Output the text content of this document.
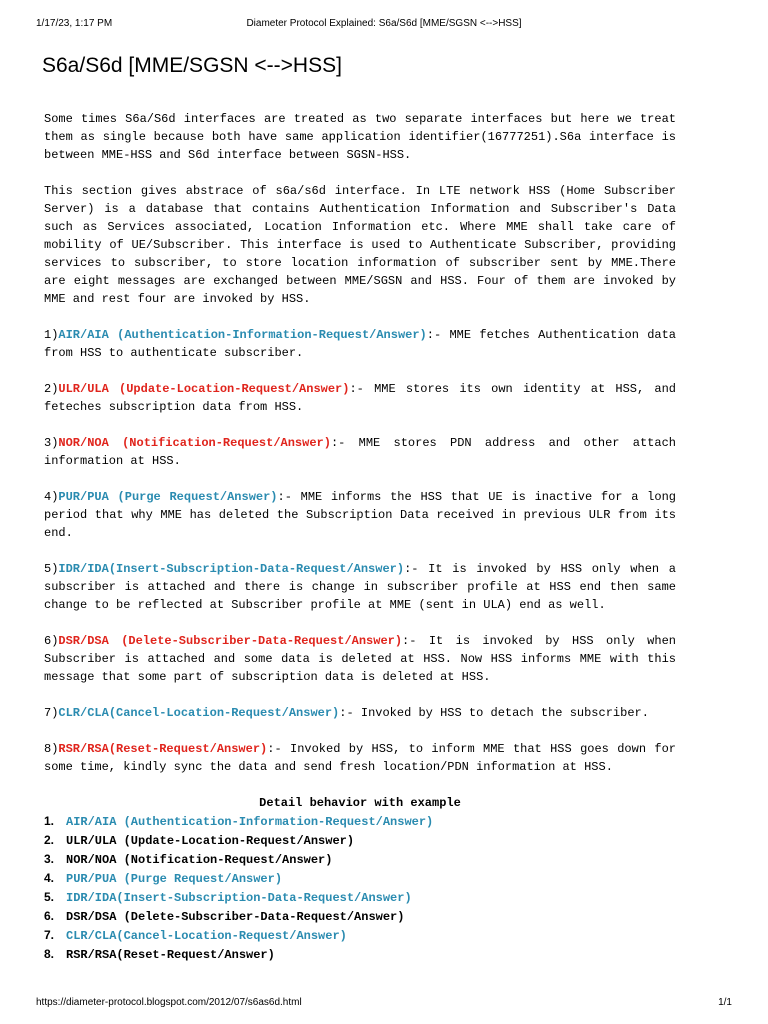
1/17/23, 1:17 PM	Diameter Protocol Explained: S6a/S6d [MME/SGSN <-->HSS]
S6a/S6d [MME/SGSN <-->HSS]

Some times S6a/S6d interfaces are treated as two separate interfaces but here we treat them as single because both have same application identifier(16777251).S6a interface is between MME-HSS and S6d interface between SGSN-HSS.

This section gives abstrace of s6a/s6d interface. In LTE network HSS (Home Subscriber Server) is a database that contains Authentication Information and Subscriber's Data such as Services associated, Location Information etc. Where MME shall take care of mobility of UE/Subscriber. This interface is used to Authenticate Subscriber, providing services to subscriber, to store location information of subscriber sent by MME.There are eight messages are exchanged between MME/SGSN and HSS. Four of them are invoked by MME and rest four are invoked by HSS.

1)AIR/AIA (Authentication-Information-Request/Answer):- MME fetches Authentication data from HSS to authenticate subscriber.

2)ULR/ULA (Update-Location-Request/Answer):- MME stores its own identity at HSS, and feteches subscription data from HSS.

3)NOR/NOA (Notification-Request/Answer):- MME stores PDN address and other attach information at HSS.

4)PUR/PUA (Purge Request/Answer):- MME informs the HSS that UE is inactive for a long period that why MME has deleted the Subscription Data received in previous ULR from its end.

5)IDR/IDA(Insert-Subscription-Data-Request/Answer):- It is invoked by HSS only when a subscriber is attached and there is change in subscriber profile at HSS end then same change to be reflected at Subscriber profile at MME (sent in ULA) end as well.

6)DSR/DSA (Delete-Subscriber-Data-Request/Answer):- It is invoked by HSS only when Subscriber is attached and some data is deleted at HSS. Now HSS informs MME with this message that some part of subscription data is deleted at HSS.

7)CLR/CLA(Cancel-Location-Request/Answer):- Invoked by HSS to detach the subscriber.

8)RSR/RSA(Reset-Request/Answer):- Invoked by HSS, to inform MME that HSS goes down for some time, kindly sync the data and send fresh location/PDN information at HSS.

Detail behavior with example
1. AIR/AIA (Authentication-Information-Request/Answer)
2. ULR/ULA (Update-Location-Request/Answer)
3. NOR/NOA (Notification-Request/Answer)
4. PUR/PUA (Purge Request/Answer)
5. IDR/IDA(Insert-Subscription-Data-Request/Answer)
6. DSR/DSA (Delete-Subscriber-Data-Request/Answer)
7. CLR/CLA(Cancel-Location-Request/Answer)
8. RSR/RSA(Reset-Request/Answer)
https://diameter-protocol.blogspot.com/2012/07/s6as6d.html	1/1
